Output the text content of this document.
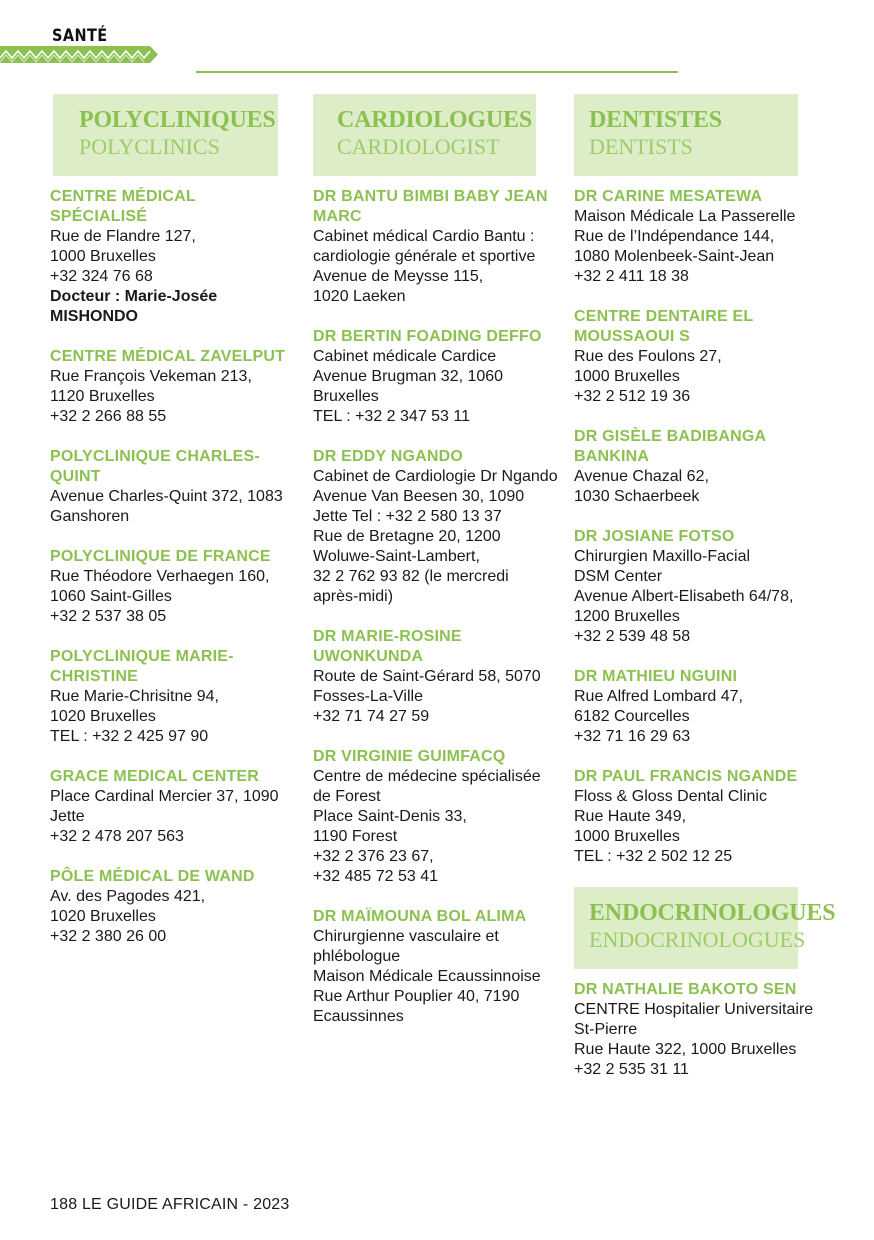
SANTÉ
POLYCLINIQUES
POLYCLINICS
CENTRE MÉDICAL SPÉCIALISÉ
Rue de Flandre 127,
1000 Bruxelles
+32 324 76 68
Docteur : Marie-Josée MISHONDO
CENTRE MÉDICAL ZAVELPUT
Rue François Vekeman 213,
1120 Bruxelles
+32 2 266 88 55
POLYCLINIQUE CHARLES-QUINT
Avenue Charles-Quint 372, 1083 Ganshoren
POLYCLINIQUE DE FRANCE
Rue Théodore Verhaegen 160,
1060 Saint-Gilles
+32 2 537 38 05
POLYCLINIQUE MARIE-CHRISTINE
Rue Marie-Chrisitne 94,
1020 Bruxelles
TEL : +32 2 425 97 90
GRACE MEDICAL CENTER
Place Cardinal Mercier 37, 1090 Jette
+32 2 478 207 563
PÔLE MÉDICAL DE WAND
Av. des Pagodes 421,
1020 Bruxelles
+32 2 380 26 00
CARDIOLOGUES
CARDIOLOGIST
DR BANTU BIMBI BABY JEAN MARC
Cabinet médical Cardio Bantu : cardiologie générale et sportive
Avenue de Meysse 115,
1020 Laeken
DR BERTIN FOADING DEFFO
Cabinet médicale Cardice
Avenue Brugman 32, 1060 Bruxelles
TEL : +32 2 347 53 11
DR EDDY NGANDO
Cabinet de Cardiologie Dr Ngando
Avenue Van Beesen 30, 1090 Jette Tel : +32 2 580 13 37
Rue de Bretagne 20, 1200 Woluwe-Saint-Lambert,
32 2 762 93 82 (le mercredi après-midi)
DR MARIE-ROSINE UWONKUNDA
Route de Saint-Gérard 58, 5070 Fosses-La-Ville
+32 71 74 27 59
DR VIRGINIE GUIMFACQ
Centre de médecine spécialisée de Forest
Place Saint-Denis 33,
1190 Forest
+32 2 376 23 67,
+32 485 72 53 41
DR MAÏMOUNA BOL ALIMA
Chirurgienne vasculaire et phlébologue
Maison Médicale Ecaussinnoise
Rue Arthur Pouplier 40, 7190 Ecaussinnes
DENTISTES
DENTISTS
DR CARINE MESATEWA
Maison Médicale La Passerelle
Rue de l’Indépendance 144,
1080 Molenbeek-Saint-Jean
+32 2 411 18 38
CENTRE DENTAIRE EL MOUSSAOUI S
Rue des Foulons 27,
1000 Bruxelles
+32 2 512 19 36
DR GISÈLE BADIBANGA BANKINA
Avenue Chazal 62,
1030 Schaerbeek
DR JOSIANE FOTSO
Chirurgien Maxillo-Facial
DSM Center
Avenue Albert-Elisabeth 64/78,
1200 Bruxelles
+32 2 539 48 58
DR MATHIEU NGUINI
Rue Alfred Lombard 47,
6182 Courcelles
+32 71 16 29 63
DR PAUL FRANCIS NGANDE
Floss & Gloss Dental Clinic
Rue Haute 349,
1000 Bruxelles
TEL : +32 2 502 12 25
ENDOCRINOLOGUES
ENDOCRINOLOGUES
DR NATHALIE BAKOTO SEN
CENTRE Hospitalier Universitaire St-Pierre
Rue Haute 322, 1000 Bruxelles
+32 2 535 31 11
188 LE GUIDE AFRICAIN - 2023
